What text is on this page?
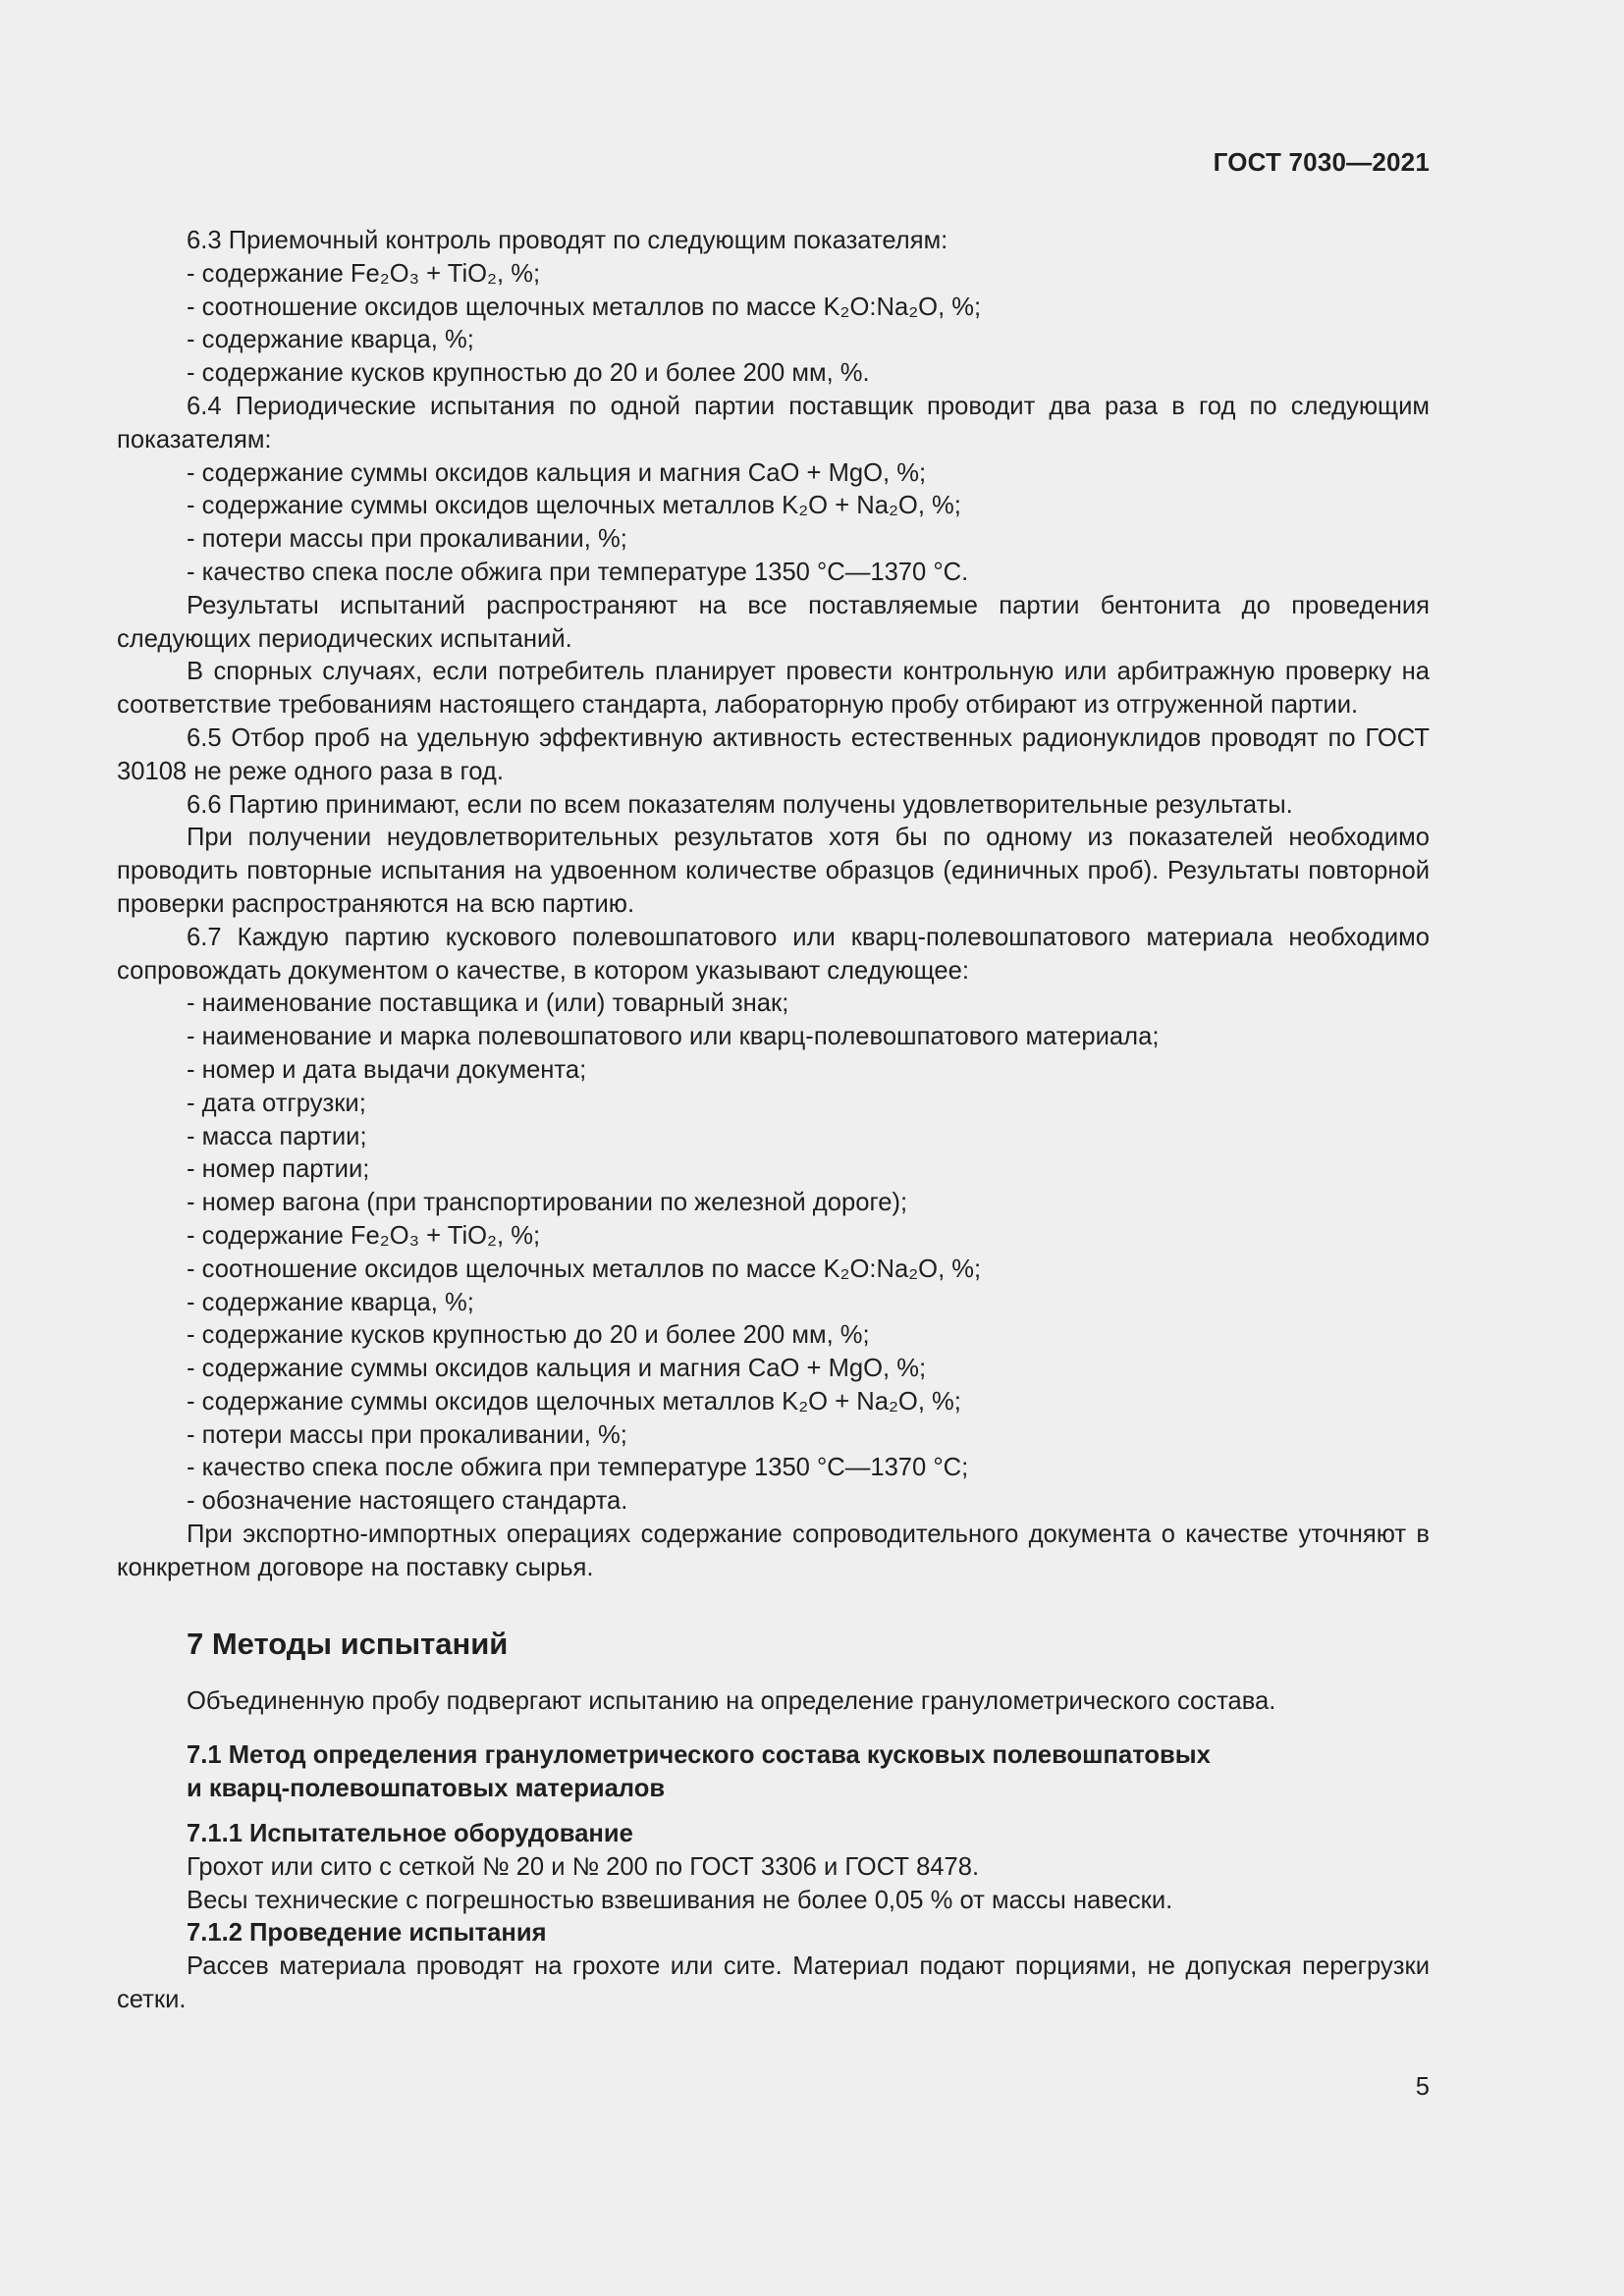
ГОСТ 7030—2021

6.3 Приемочный контроль проводят по следующим показателям:

- содержание Fe₂O₃ + TiO₂, %;

- соотношение оксидов щелочных металлов по массе K₂O:Na₂O, %;

- содержание кварца, %;

- содержание кусков крупностью до 20 и более 200 мм, %.

6.4 Периодические испытания по одной партии поставщик проводит два раза в год по следующим показателям:

- содержание суммы оксидов кальция и магния CaO + MgO, %;

- содержание суммы оксидов щелочных металлов K₂O + Na₂O, %;

- потери массы при прокаливании, %;

- качество спека после обжига при температуре 1350 °C—1370 °C.

Результаты испытаний распространяют на все поставляемые партии бентонита до проведения следующих периодических испытаний.

В спорных случаях, если потребитель планирует провести контрольную или арбитражную проверку на соответствие требованиям настоящего стандарта, лабораторную пробу отбирают из отгруженной партии.

6.5 Отбор проб на удельную эффективную активность естественных радионуклидов проводят по ГОСТ 30108 не реже одного раза в год.

6.6 Партию принимают, если по всем показателям получены удовлетворительные результаты.

При получении неудовлетворительных результатов хотя бы по одному из показателей необходимо проводить повторные испытания на удвоенном количестве образцов (единичных проб). Результаты повторной проверки распространяются на всю партию.

6.7 Каждую партию кускового полевошпатового или кварц-полевошпатового материала необходимо сопровождать документом о качестве, в котором указывают следующее:

- наименование поставщика и (или) товарный знак;

- наименование и марка полевошпатового или кварц-полевошпатового материала;

- номер и дата выдачи документа;

- дата отгрузки;

- масса партии;

- номер партии;

- номер вагона (при транспортировании по железной дороге);

- содержание Fe₂O₃ + TiO₂, %;

- соотношение оксидов щелочных металлов по массе K₂O:Na₂O, %;

- содержание кварца, %;

- содержание кусков крупностью до 20 и более 200 мм, %;

- содержание суммы оксидов кальция и магния CaO + MgO, %;

- содержание суммы оксидов щелочных металлов K₂O + Na₂O, %;

- потери массы при прокаливании, %;

- качество спека после обжига при температуре 1350 °C—1370 °C;

- обозначение настоящего стандарта.

При экспортно-импортных операциях содержание сопроводительного документа о качестве уточняют в конкретном договоре на поставку сырья.

7 Методы испытаний

Объединенную пробу подвергают испытанию на определение гранулометрического состава.

7.1 Метод определения гранулометрического состава кусковых полевошпатовых
и кварц-полевошпатовых материалов

7.1.1 Испытательное оборудование

Грохот или сито с сеткой № 20 и № 200 по ГОСТ 3306 и ГОСТ 8478.

Весы технические с погрешностью взвешивания не более 0,05 % от массы навески.

7.1.2 Проведение испытания

Рассев материала проводят на грохоте или сите. Материал подают порциями, не допуская перегрузки сетки.

5
